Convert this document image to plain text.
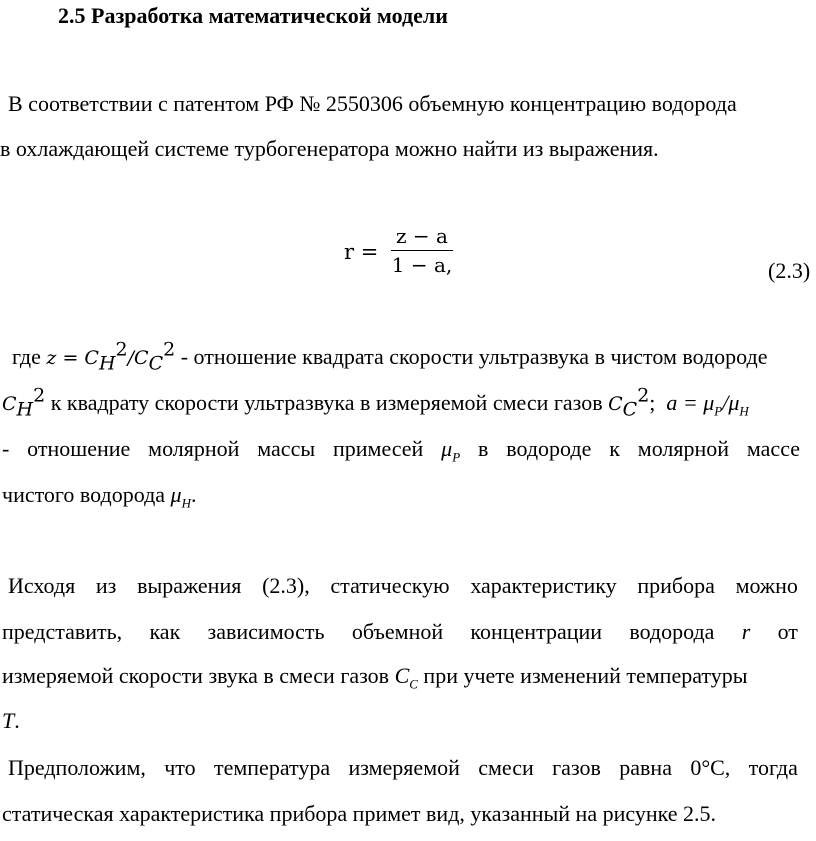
2.5 Разработка математической модели
В соответствии с патентом РФ № 2550306 объемную концентрацию водорода
в охлаждающей системе турбогенератора можно найти из выражения.
r =
z − a
1 − a,	(2.3)
где $z = C_H^2/C_C^2$ - отношение квадрата скорости ультразвука в чистом водороде
$C_H^2$ к квадрату скорости ультразвука в измеряемой смеси газов $C_C^2$; $a = \mu_P/\mu_H$
- отношение молярной массы примесей $\mu_P$ в водороде к молярной массе
чистого водорода $\mu_H$.
Исходя из выражения (2.3), статическую характеристику прибора можно
представить, как зависимость объемной концентрации водорода r от
измеряемой скорости звука в смеси газов $C_C$ при учете изменений температуры
T.
Предположим, что температура измеряемой смеси газов равна 0°С, тогда
статическая характеристика прибора примет вид, указанный на рисунке 2.5.
